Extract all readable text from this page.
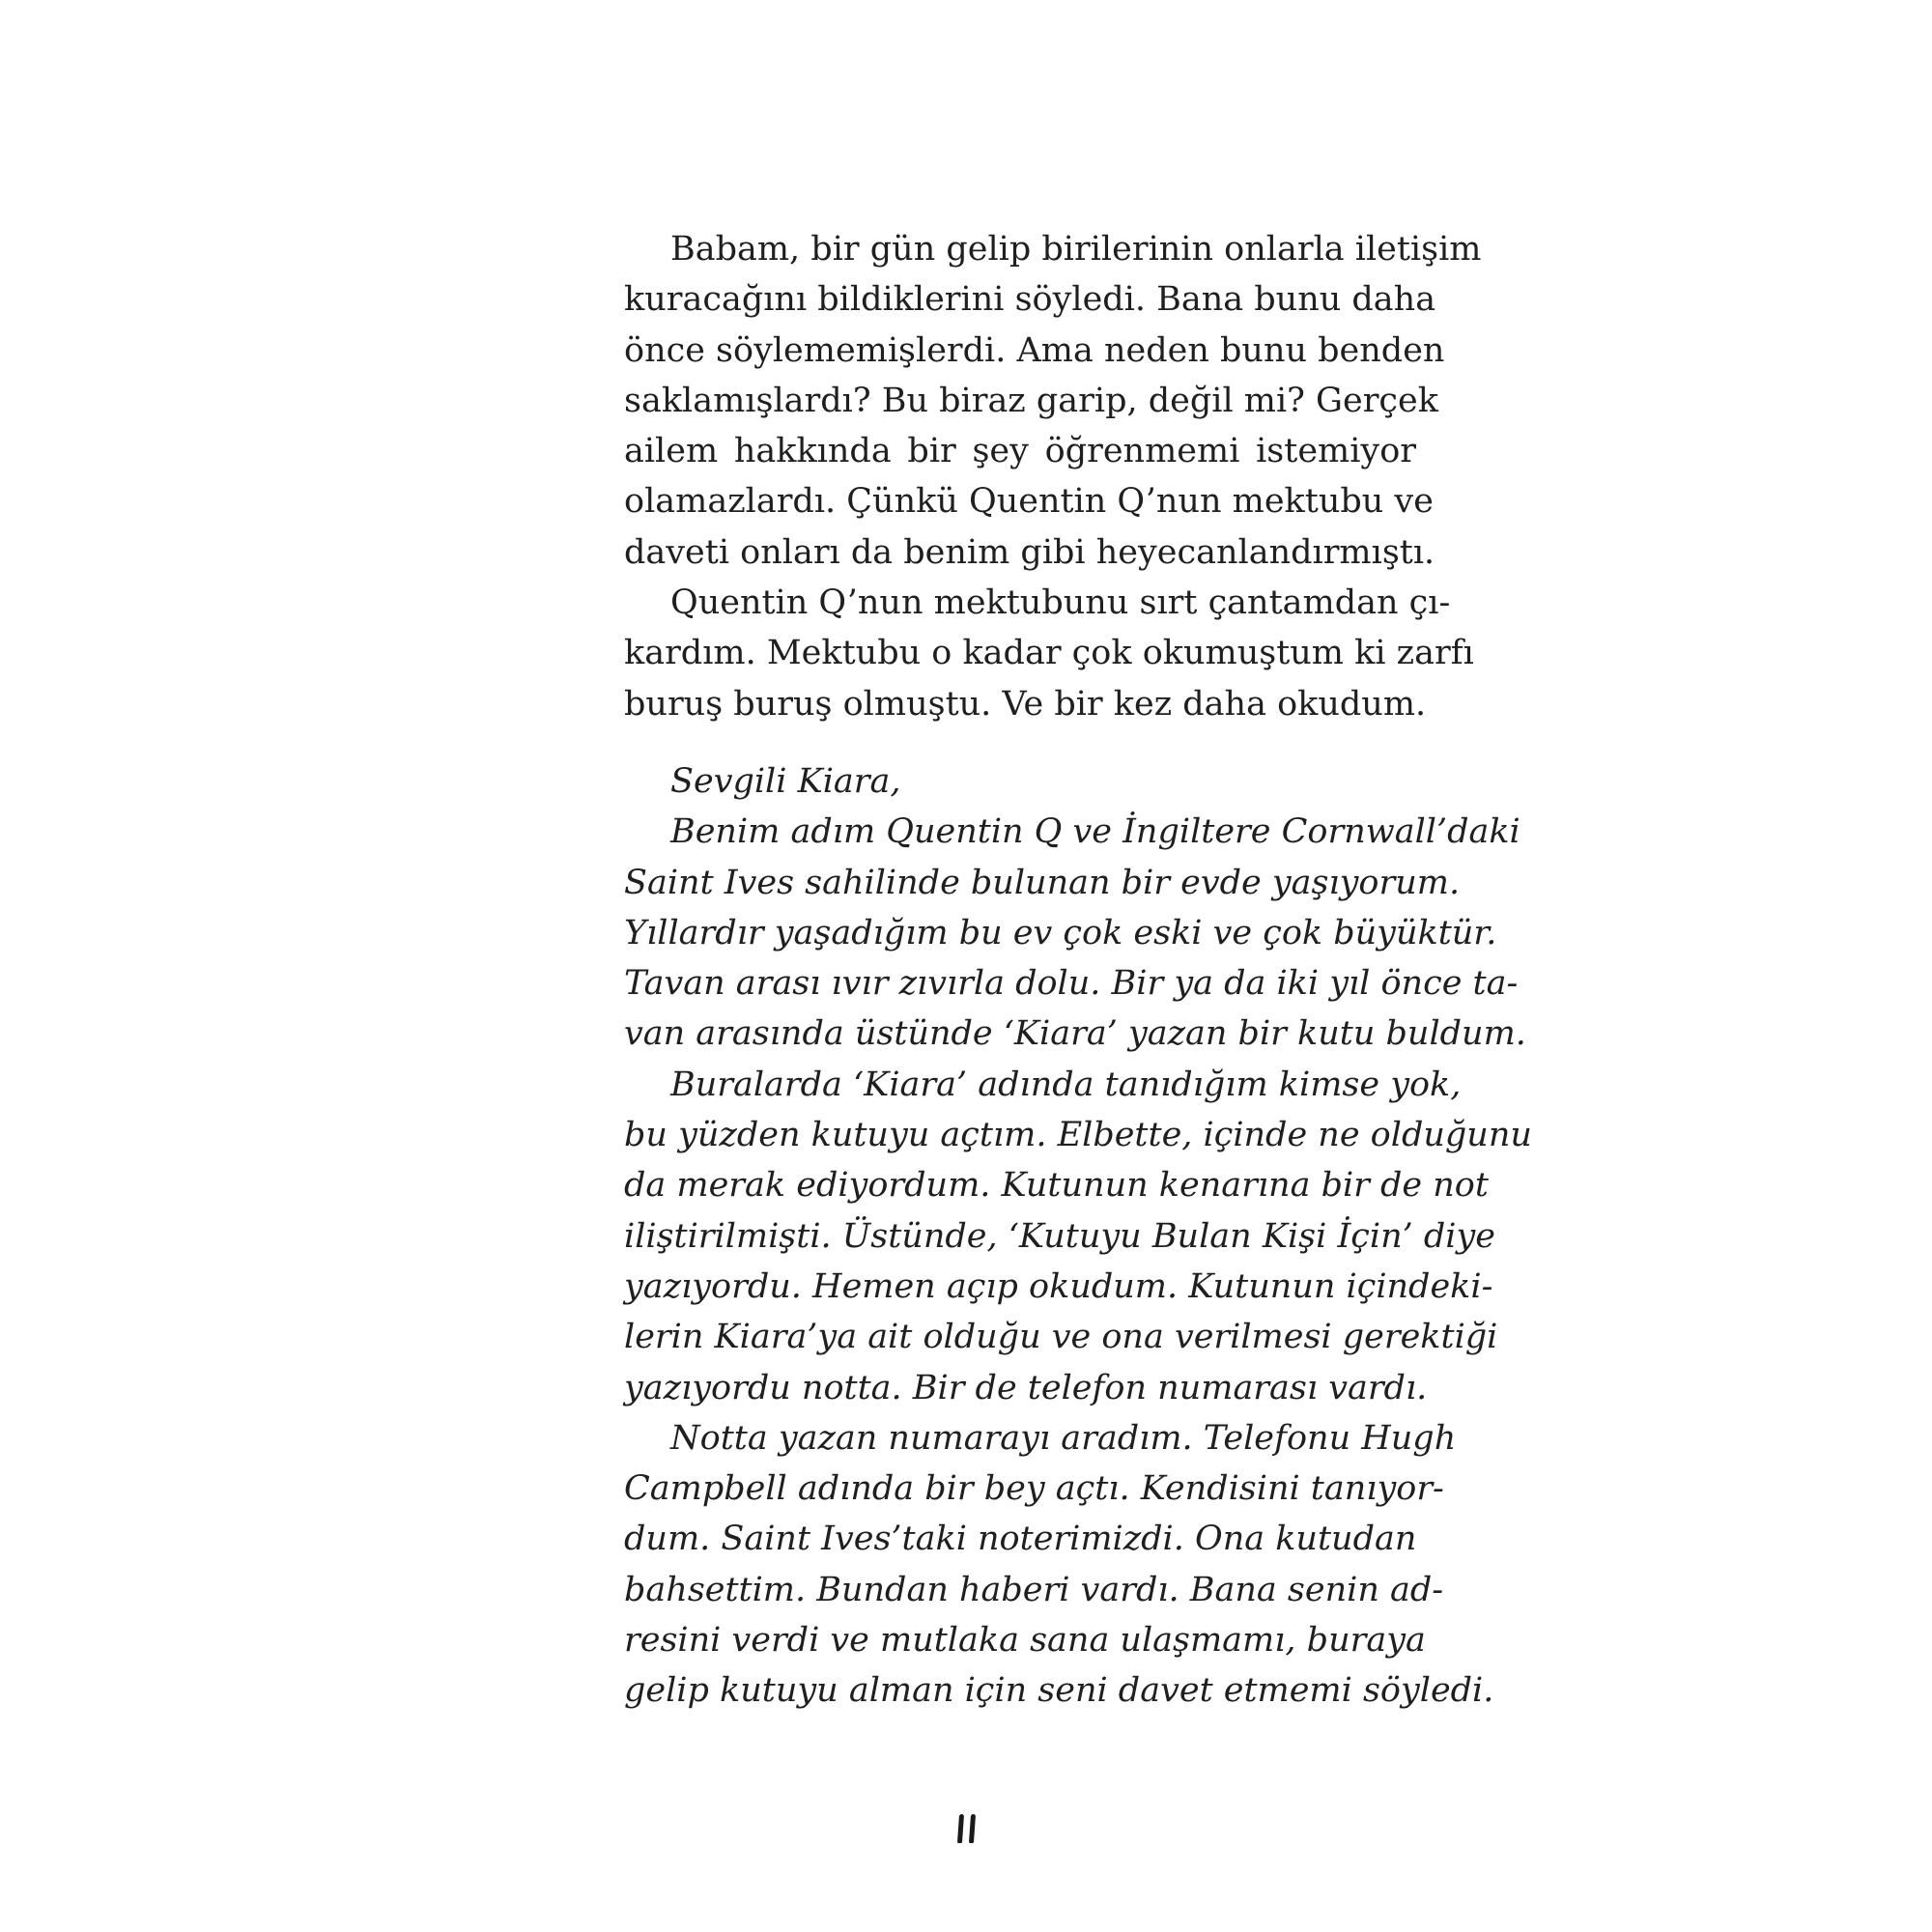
Babam, bir gün gelip birilerinin onlarla iletişim
kuracağını bildiklerini söyledi. Bana bunu daha
önce söylememişlerdi. Ama neden bunu benden
saklamışlardı? Bu biraz garip, değil mi? Gerçek
ailem hakkında bir şey öğrenmemi istemiyor
olamazlardı. Çünkü Quentin Q’nun mektubu ve
daveti onları da benim gibi heyecanlandırmıştı.
Quentin Q’nun mektubunu sırt çantamdan çı-
kardım. Mektubu o kadar çok okumuştum ki zarfı
buruş buruş olmuştu. Ve bir kez daha okudum.
Sevgili Kiara,
Benim adım Quentin Q ve İngiltere Cornwall’daki
Saint Ives sahilinde bulunan bir evde yaşıyorum.
Yıllardır yaşadığım bu ev çok eski ve çok büyüktür.
Tavan arası ıvır zıvırla dolu. Bir ya da iki yıl önce ta-
van arasında üstünde ‘Kiara’ yazan bir kutu buldum.
Buralarda ‘Kiara’ adında tanıdığım kimse yok,
bu yüzden kutuyu açtım. Elbette, içinde ne olduğunu
da merak ediyordum. Kutunun kenarına bir de not
iliştirilmişti. Üstünde, ‘Kutuyu Bulan Kişi İçin’ diye
yazıyordu. Hemen açıp okudum. Kutunun içindeki-
lerin Kiara’ya ait olduğu ve ona verilmesi gerektiği
yazıyordu notta. Bir de telefon numarası vardı.
Notta yazan numarayı aradım. Telefonu Hugh
Campbell adında bir bey açtı. Kendisini tanıyor-
dum. Saint Ives’taki noterimizdi. Ona kutudan
bahsettim. Bundan haberi vardı. Bana senin ad-
resini verdi ve mutlaka sana ulaşmamı, buraya
gelip kutuyu alman için seni davet etmemi söyledi.
